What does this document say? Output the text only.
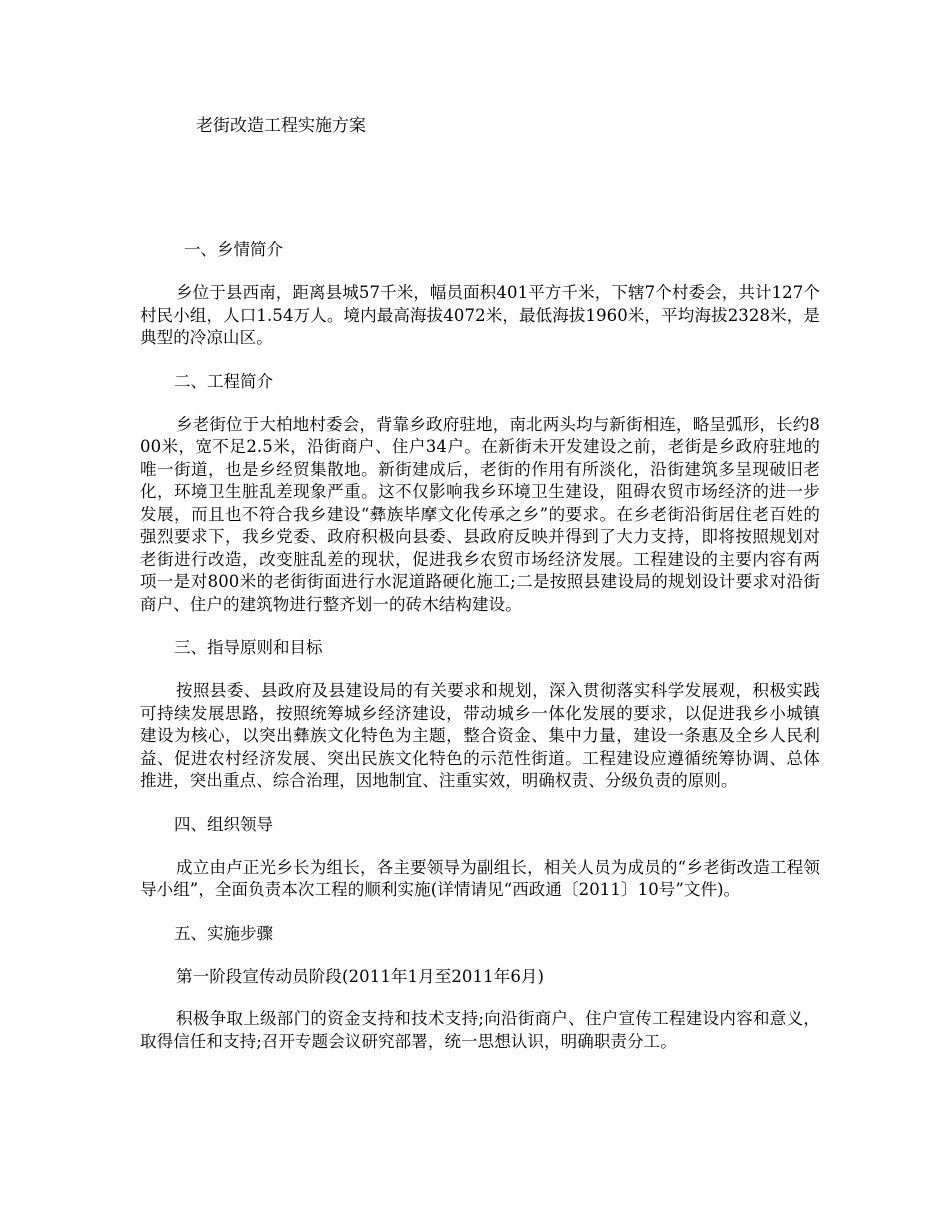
老街改造工程实施方案
一、乡情简介

乡位于县西南，距离县城57千米，幅员面积401平方千米，下辖7个村委会，共计127个村民小组，人口1.54万人。境内最高海拔4072米，最低海拔1960米，平均海拔2328米，是典型的冷凉山区。

二、工程简介

乡老街位于大柏地村委会，背靠乡政府驻地，南北两头均与新街相连，略呈弧形，长约800米，宽不足2.5米，沿街商户、住户34户。在新街未开发建设之前，老街是乡政府驻地的唯一街道，也是乡经贸集散地。新街建成后，老街的作用有所淡化，沿街建筑多呈现破旧老化，环境卫生脏乱差现象严重。这不仅影响我乡环境卫生建设，阻碍农贸市场经济的进一步发展，而且也不符合我乡建设“彝族毕摩文化传承之乡”的要求。在乡老街沿街居住老百姓的强烈要求下，我乡党委、政府积极向县委、县政府反映并得到了大力支持，即将按照规划对老街进行改造，改变脏乱差的现状，促进我乡农贸市场经济发展。工程建设的主要内容有两项一是对800米的老街街面进行水泥道路硬化施工;二是按照县建设局的规划设计要求对沿街商户、住户的建筑物进行整齐划一的砖木结构建设。

三、指导原则和目标

按照县委、县政府及县建设局的有关要求和规划，深入贯彻落实科学发展观，积极实践可持续发展思路，按照统筹城乡经济建设，带动城乡一体化发展的要求，以促进我乡小城镇建设为核心，以突出彝族文化特色为主题，整合资金、集中力量，建设一条惠及全乡人民利益、促进农村经济发展、突出民族文化特色的示范性街道。工程建设应遵循统筹协调、总体推进，突出重点、综合治理，因地制宜、注重实效，明确权责、分级负责的原则。

四、组织领导

成立由卢正光乡长为组长，各主要领导为副组长，相关人员为成员的“乡老街改造工程领导小组”，全面负责本次工程的顺利实施(详情请见“西政通〔2011〕10号”文件)。

五、实施步骤

第一阶段宣传动员阶段(2011年1月至2011年6月)

积极争取上级部门的资金支持和技术支持;向沿街商户、住户宣传工程建设内容和意义，取得信任和支持;召开专题会议研究部署，统一思想认识，明确职责分工。
